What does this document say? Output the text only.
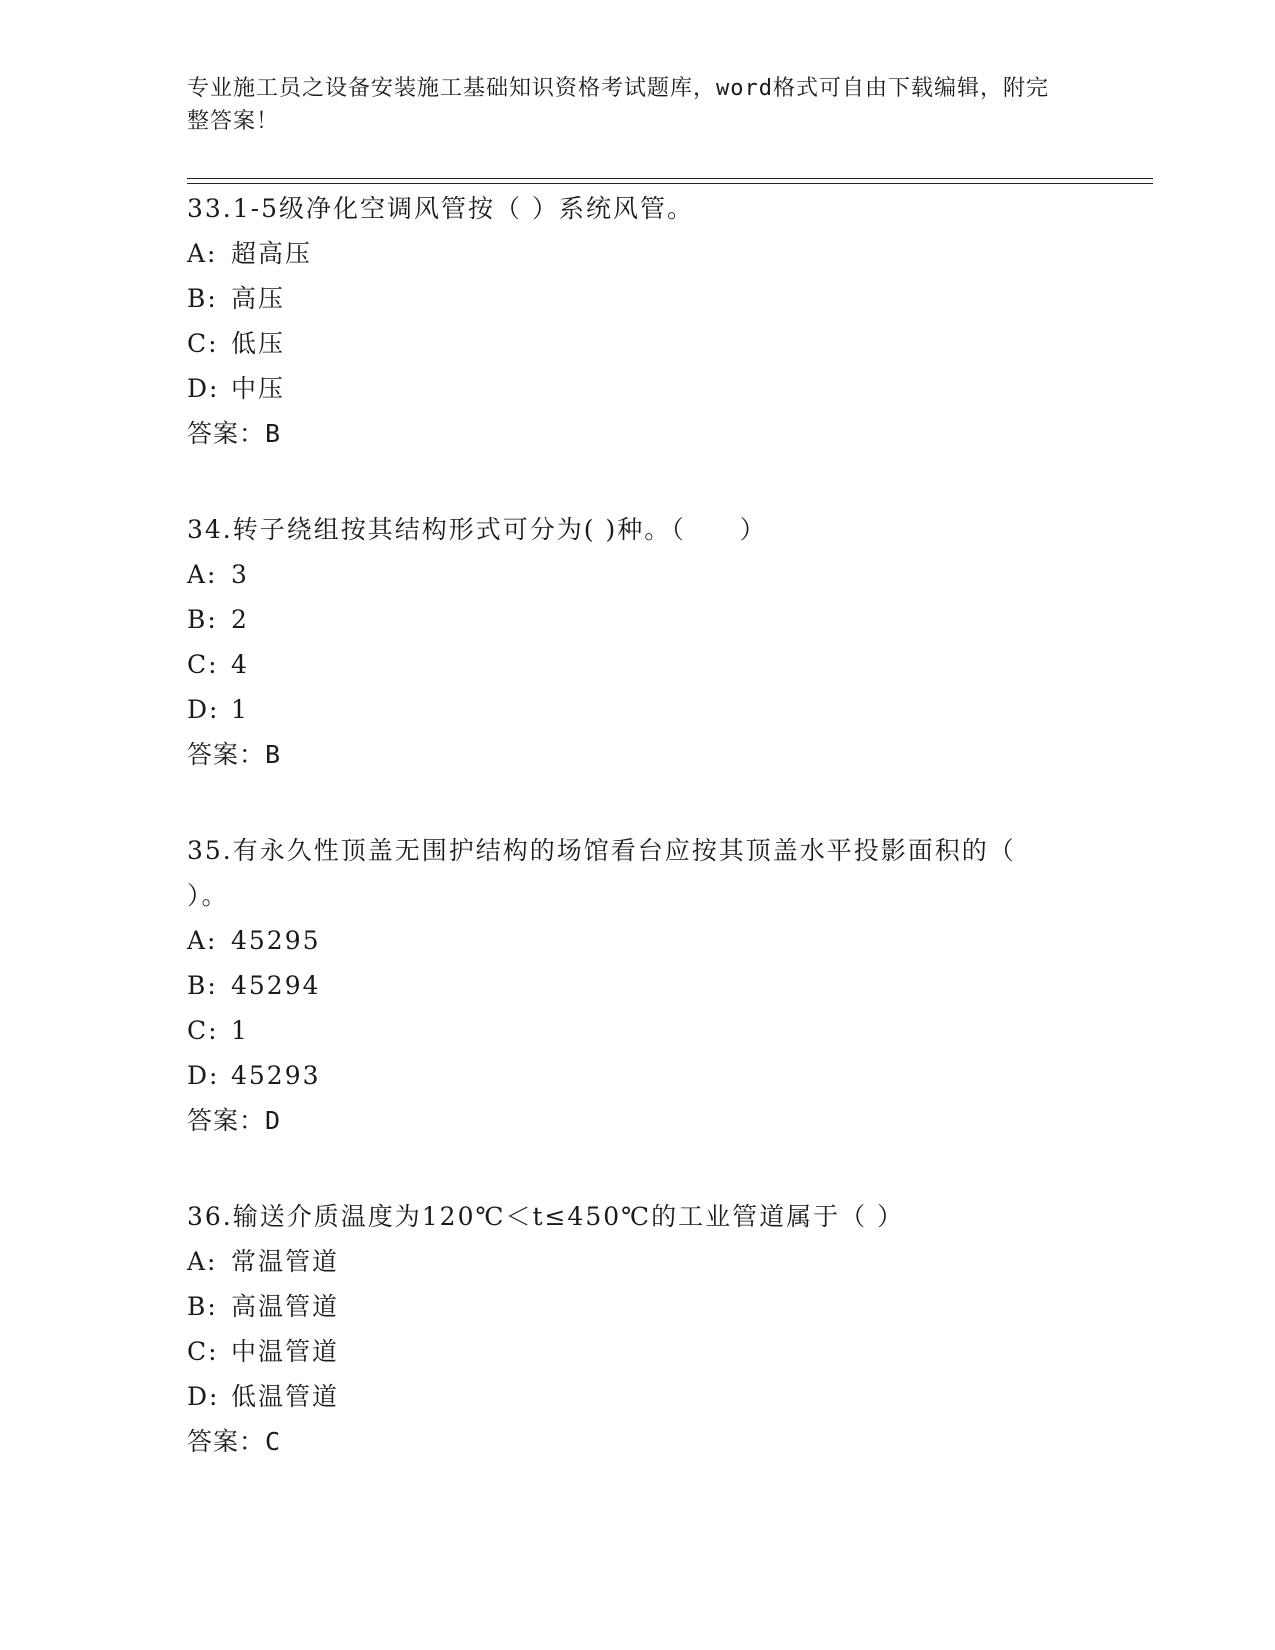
专业施工员之设备安装施工基础知识资格考试题库，word格式可自由下载编辑，附完整答案！
33.1-5级净化空调风管按（ ）系统风管。
A: 超高压
B: 高压
C: 低压
D: 中压
答案：B
34.转子绕组按其结构形式可分为( )种。（　　）
A: 3
B: 2
C: 4
D: 1
答案：B
35.有永久性顶盖无围护结构的场馆看台应按其顶盖水平投影面积的（ ）。
A: 45295
B: 45294
C: 1
D: 45293
答案：D
36.输送介质温度为120℃＜t≤450℃的工业管道属于（ ）
A: 常温管道
B: 高温管道
C: 中温管道
D: 低温管道
答案：C
